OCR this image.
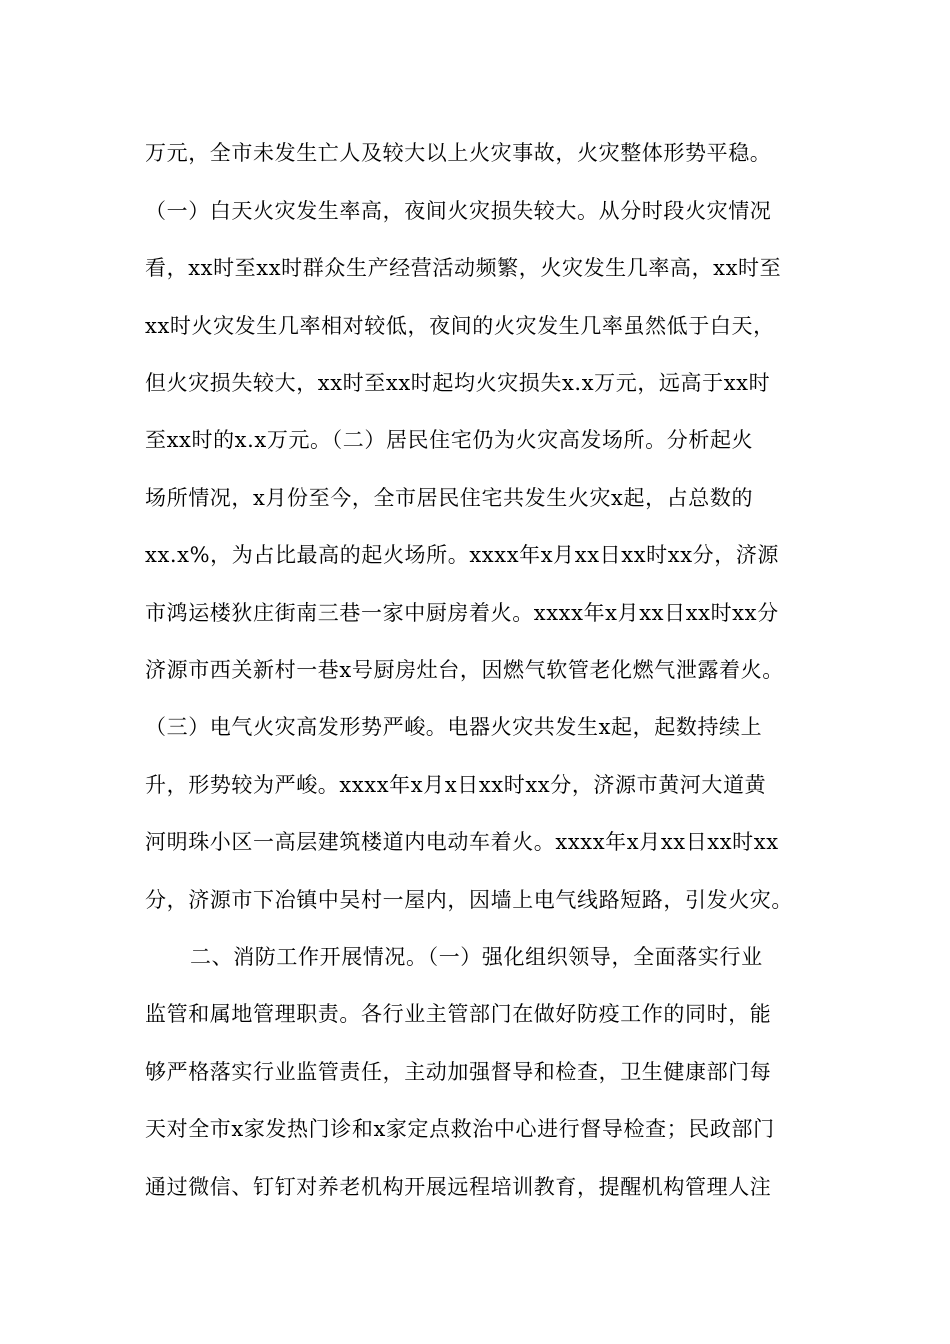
万元，全市未发生亡人及较大以上火灾事故，火灾整体形势平稳。
（一）白天火灾发生率高，夜间火灾损失较大。从分时段火灾情况
看，xx时至xx时群众生产经营活动频繁，火灾发生几率高，xx时至
xx时火灾发生几率相对较低，夜间的火灾发生几率虽然低于白天，
但火灾损失较大，xx时至xx时起均火灾损失x.x万元，远高于xx时
至xx时的x.x万元。（二）居民住宅仍为火灾高发场所。分析起火
场所情况，x月份至今，全市居民住宅共发生火灾x起，占总数的
xx.x%，为占比最高的起火场所。xxxx年x月xx日xx时xx分，济源
市鸿运楼狄庄街南三巷一家中厨房着火。xxxx年x月xx日xx时xx分
济源市西关新村一巷x号厨房灶台，因燃气软管老化燃气泄露着火。
（三）电气火灾高发形势严峻。电器火灾共发生x起，起数持续上
升，形势较为严峻。xxxx年x月x日xx时xx分，济源市黄河大道黄
河明珠小区一高层建筑楼道内电动车着火。xxxx年x月xx日xx时xx
分，济源市下冶镇中吴村一屋内，因墙上电气线路短路，引发火灾。
二、消防工作开展情况。（一）强化组织领导，全面落实行业
监管和属地管理职责。各行业主管部门在做好防疫工作的同时，能
够严格落实行业监管责任，主动加强督导和检查，卫生健康部门每
天对全市x家发热门诊和x家定点救治中心进行督导检查；民政部门
通过微信、钉钉对养老机构开展远程培训教育，提醒机构管理人注
